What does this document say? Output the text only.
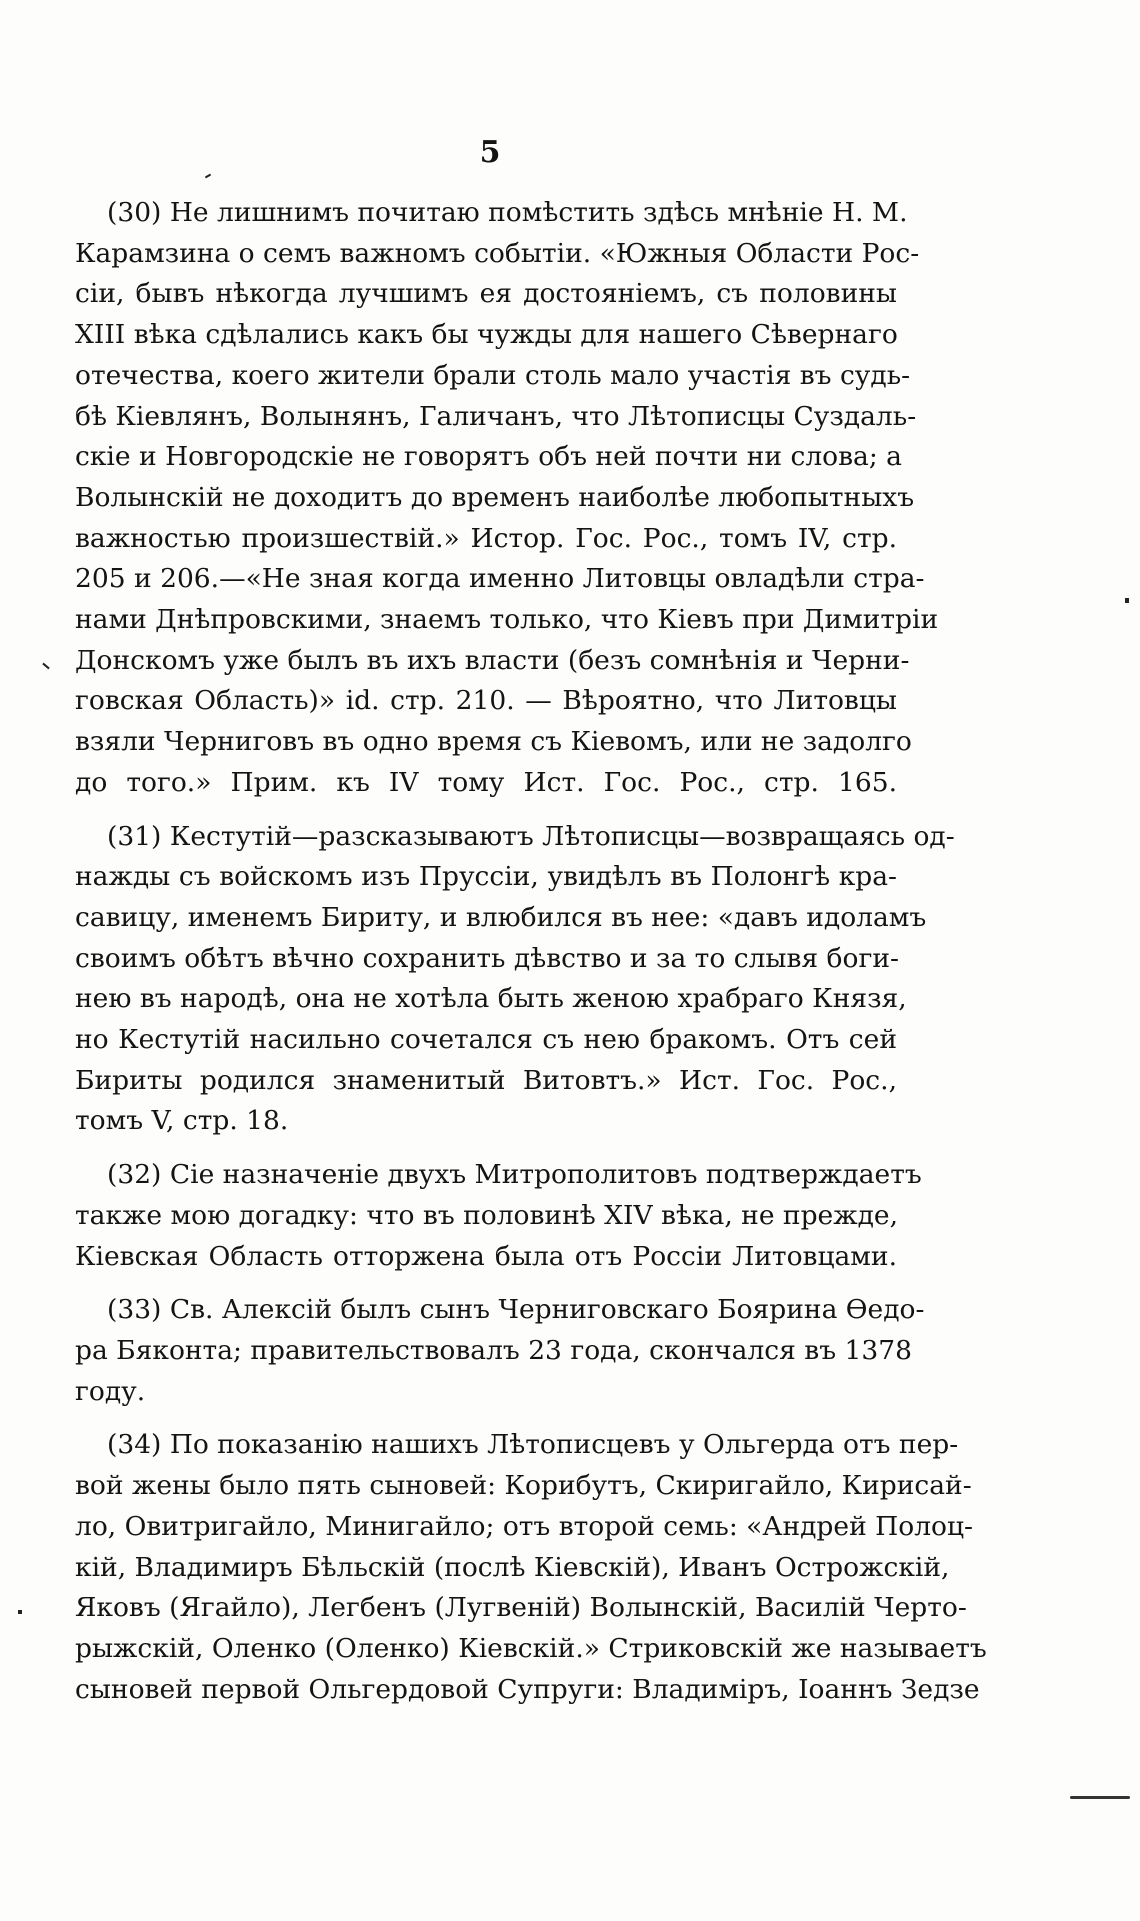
5
(30) Не лишнимъ почитаю помѣстить здѣсь мнѣніе Н. М.
Карамзина о семъ важномъ событіи. «Южныя Области Рос-
сіи, бывъ нѣкогда лучшимъ ея достояніемъ, съ половины
XIII вѣка сдѣлались какъ бы чужды для нашего Сѣвернаго
отечества, коего жители брали столь мало участія въ судь-
бѣ Кіевлянъ, Волынянъ, Галичанъ, что Лѣтописцы Суздаль-
скіе и Новгородскіе не говорятъ объ ней почти ни слова; а
Волынскій не доходитъ до временъ наиболѣе любопытныхъ
важностью произшествій.» Истор. Гос. Рос., томъ IV, стр.
205 и 206.—«Не зная когда именно Литовцы овладѣли стра-
нами Днѣпровскими, знаемъ только, что Кіевъ при Димитріи
Донскомъ уже былъ въ ихъ власти (безъ сомнѣнія и Черни-
говская Область)» id. стр. 210. — Вѣроятно, что Литовцы
взяли Черниговъ въ одно время съ Кіевомъ, или не задолго
до того.» Прим. къ IV тому Ист. Гос. Рос., стр. 165.
(31) Кестутій—разсказываютъ Лѣтописцы—возвращаясь од-
нажды съ войскомъ изъ Пруссіи, увидѣлъ въ Полонгѣ кра-
савицу, именемъ Бириту, и влюбился въ нее: «давъ идоламъ
своимъ обѣтъ вѣчно сохранить дѣвство и за то слывя боги-
нею въ народѣ, она не хотѣла быть женою храбраго Князя,
но Кестутій насильно сочетался съ нею бракомъ. Отъ сей
Бириты родился знаменитый Витовтъ.» Ист. Гос. Рос.,
томъ V, стр. 18.
(32) Сіе назначеніе двухъ Митрополитовъ подтверждаетъ
также мою догадку: что въ половинѣ XIV вѣка, не прежде,
Кіевская Область отторжена была отъ Россіи Литовцами.
(33) Св. Алексій былъ сынъ Черниговскаго Боярина Өедо-
ра Бяконта; правительствовалъ 23 года, скончался въ 1378
году.
(34) По показанію нашихъ Лѣтописцевъ у Ольгерда отъ пер-
вой жены было пять сыновей: Корибутъ, Скиригайло, Кирисай-
ло, Овитригайло, Минигайло; отъ второй семь: «Андрей Полоц-
кій, Владимиръ Бѣльскій (послѣ Кіевскій), Иванъ Острожскій,
Яковъ (Ягайло), Легбенъ (Лугвеній) Волынскій, Василій Черто-
рыжскій, Оленко (Оленко) Кіевскій.» Стриковскій же называетъ
сыновей первой Ольгердовой Супруги: Владиміръ, Іоаннъ Зедзе
